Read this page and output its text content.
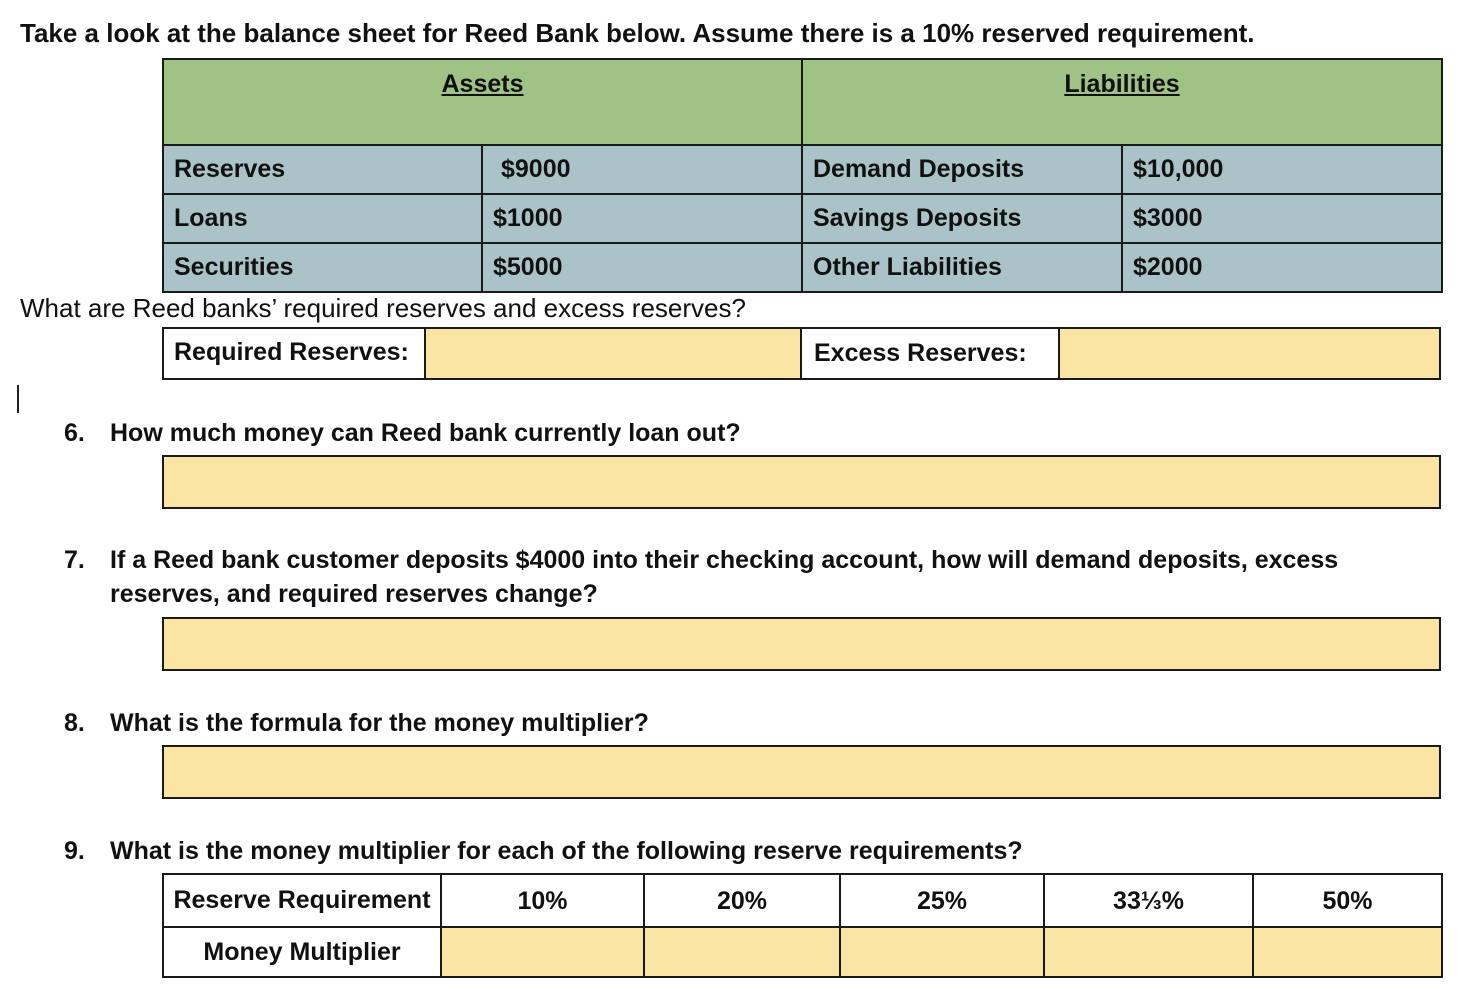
Take a look at the balance sheet for Reed Bank below. Assume there is a 10% reserved requirement.
Assets		Liabilities	
Reserves	$9000	Demand Deposits	$10,000
Loans	$1000	Savings Deposits	$3000
Securities	$5000	Other Liabilities	$2000
What are Reed banks’ required reserves and excess reserves?
Required Reserves:	Excess Reserves:
6. How much money can Reed bank currently loan out?
7. If a Reed bank customer deposits $4000 into their checking account, how will demand deposits, excess reserves, and required reserves change?
8. What is the formula for the money multiplier?
9. What is the money multiplier for each of the following reserve requirements?
Reserve Requirement	10%	20%	25%	33⅓%	50%
Money Multiplier					
